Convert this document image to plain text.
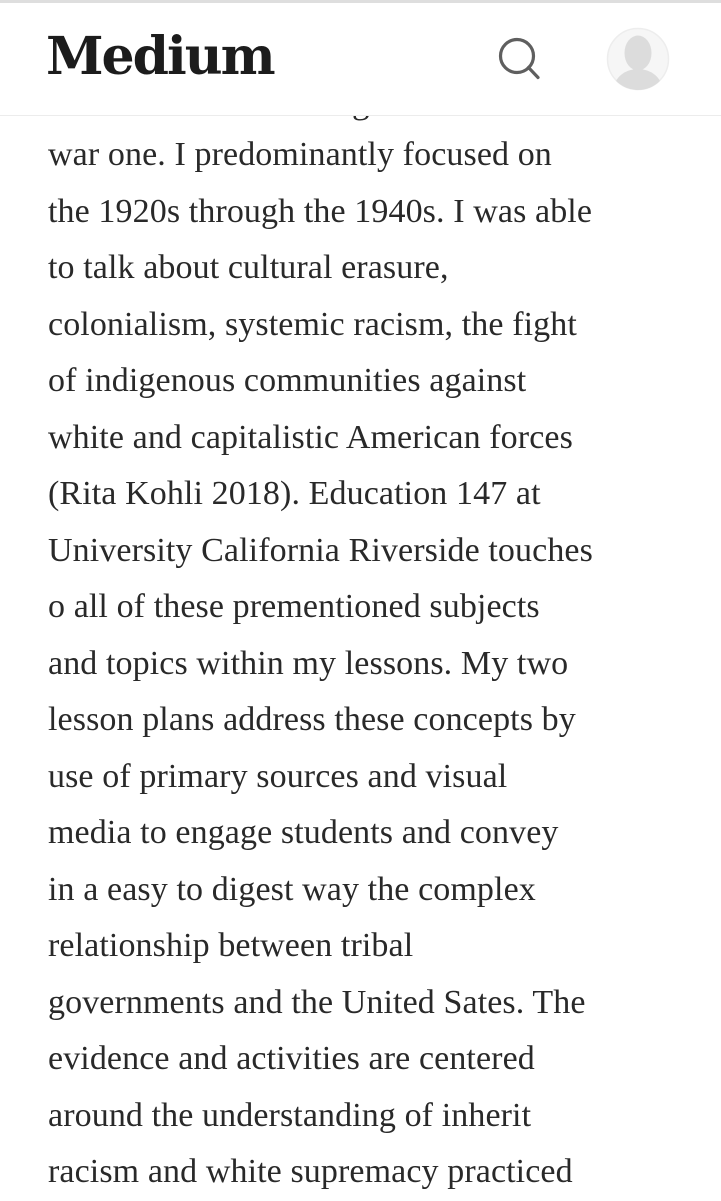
Medium
war one. I predominantly focused on
the 1920s through the 1940s. I was able
to talk about cultural erasure,
colonialism, systemic racism, the fight
of indigenous communities against
white and capitalistic American forces
(Rita Kohli 2018). Education 147 at
University California Riverside touches
o all of these prementioned subjects
and topics within my lessons. My two
lesson plans address these concepts by
use of primary sources and visual
media to engage students and convey
in a easy to digest way the complex
relationship between tribal
governments and the United Sates. The
evidence and activities are centered
around the understanding of inherit
racism and white supremacy practiced
